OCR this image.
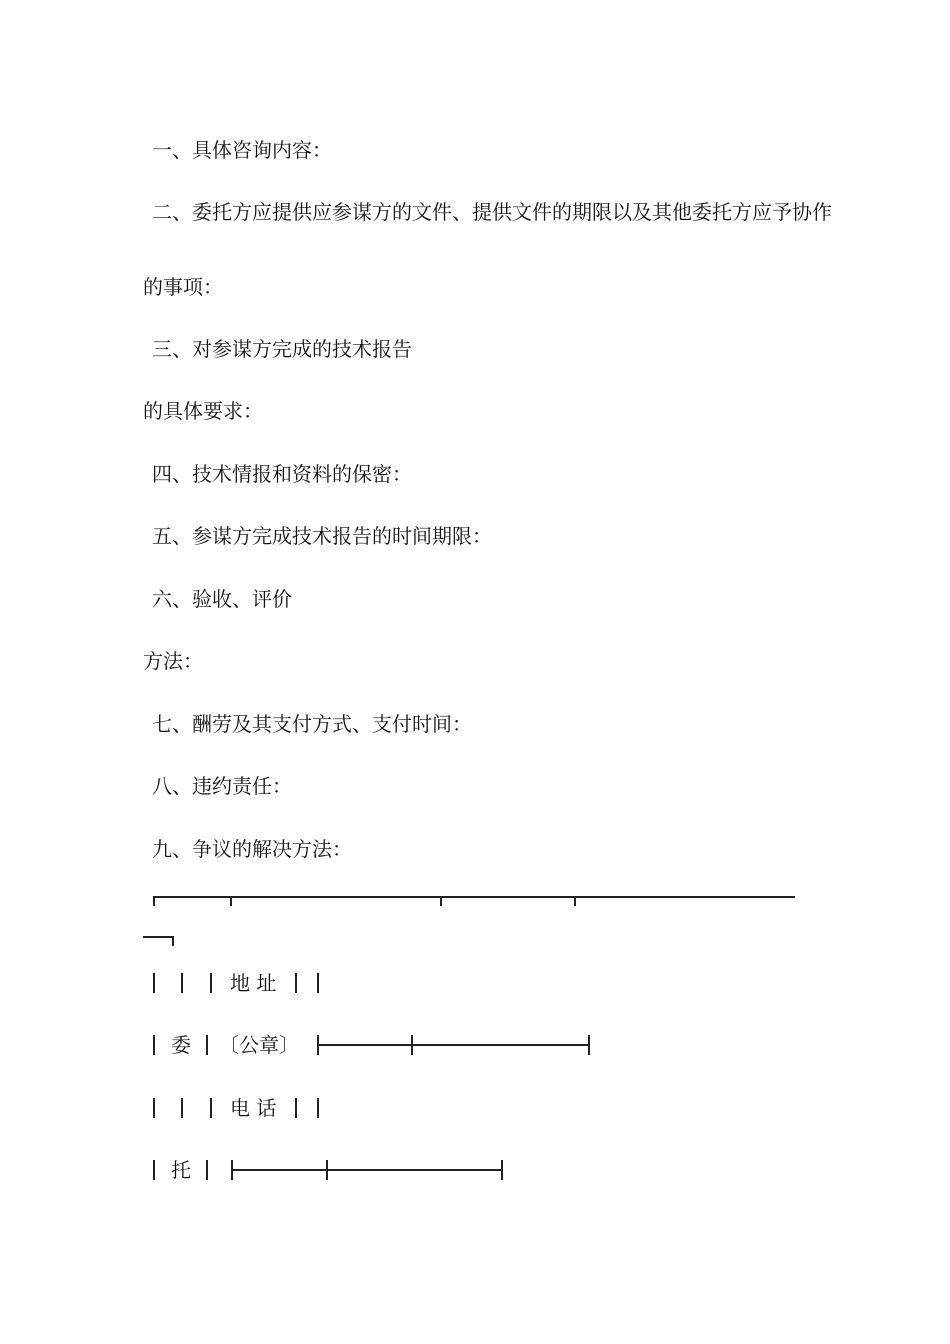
一、具体咨询内容：
二、委托方应提供应参谋方的文件、提供文件的期限以及其他委托方应予协作
的事项：
三、对参谋方完成的技术报告
的具体要求：
四、技术情报和资料的保密：
五、参谋方完成技术报告的时间期限：
六、验收、评价
方法：
七、酬劳及其支付方式、支付时间：
八、违约责任：
九、争议的解决方法：
地 址
委 〔公章〕
电 话
托
